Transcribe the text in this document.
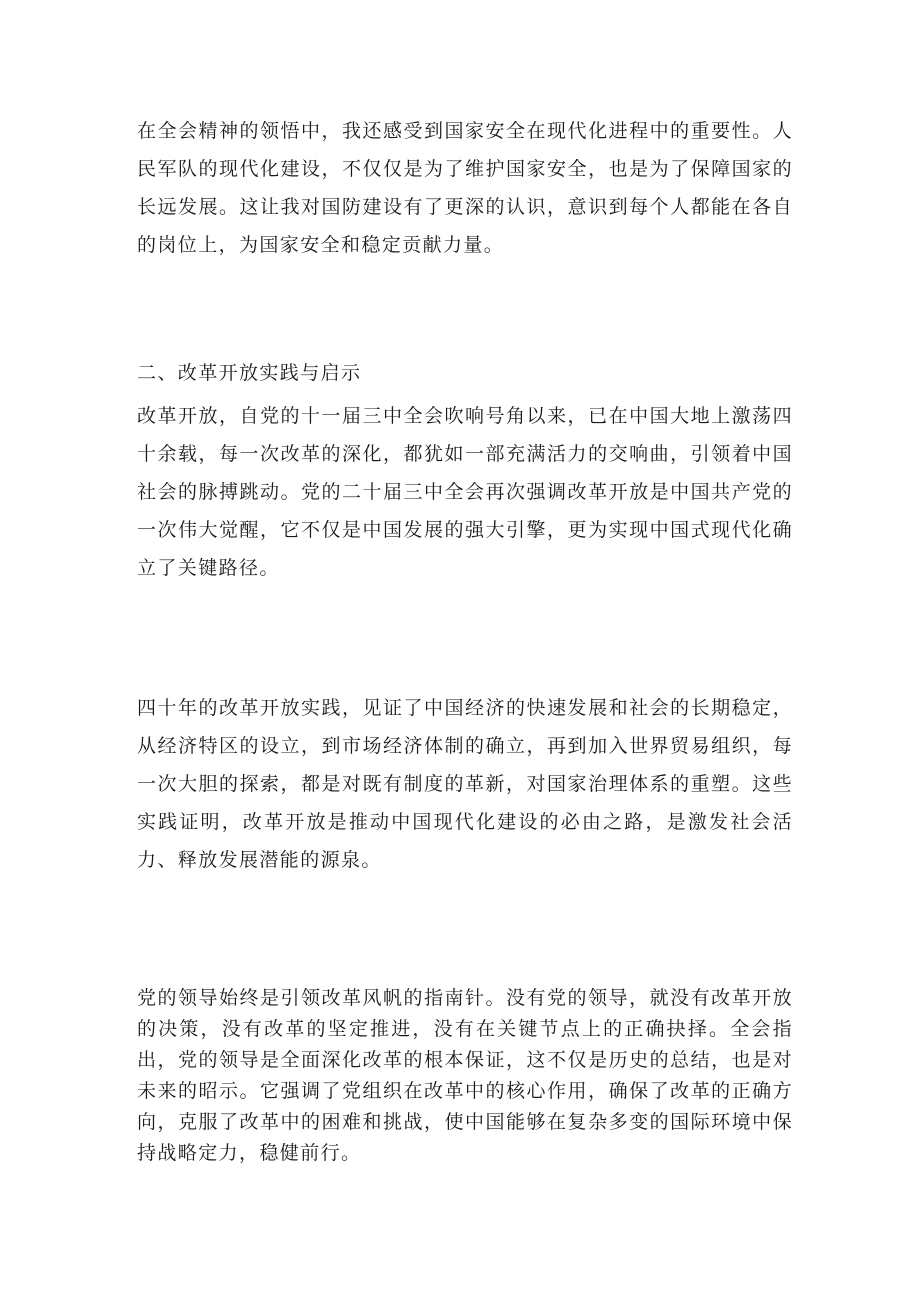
在全会精神的领悟中，我还感受到国家安全在现代化进程中的重要性。人民军队的现代化建设，不仅仅是为了维护国家安全，也是为了保障国家的长远发展。这让我对国防建设有了更深的认识，意识到每个人都能在各自的岗位上，为国家安全和稳定贡献力量。

二、改革开放实践与启示

改革开放，自党的十一届三中全会吹响号角以来，已在中国大地上激荡四十余载，每一次改革的深化，都犹如一部充满活力的交响曲，引领着中国社会的脉搏跳动。党的二十届三中全会再次强调改革开放是中国共产党的一次伟大觉醒，它不仅是中国发展的强大引擎，更为实现中国式现代化确立了关键路径。

四十年的改革开放实践，见证了中国经济的快速发展和社会的长期稳定，从经济特区的设立，到市场经济体制的确立，再到加入世界贸易组织，每一次大胆的探索，都是对既有制度的革新，对国家治理体系的重塑。这些实践证明，改革开放是推动中国现代化建设的必由之路，是激发社会活力、释放发展潜能的源泉。

党的领导始终是引领改革风帆的指南针。没有党的领导，就没有改革开放的决策，没有改革的坚定推进，没有在关键节点上的正确抉择。全会指出，党的领导是全面深化改革的根本保证，这不仅是历史的总结，也是对未来的昭示。它强调了党组织在改革中的核心作用，确保了改革的正确方向，克服了改革中的困难和挑战，使中国能够在复杂多变的国际环境中保持战略定力，稳健前行。
